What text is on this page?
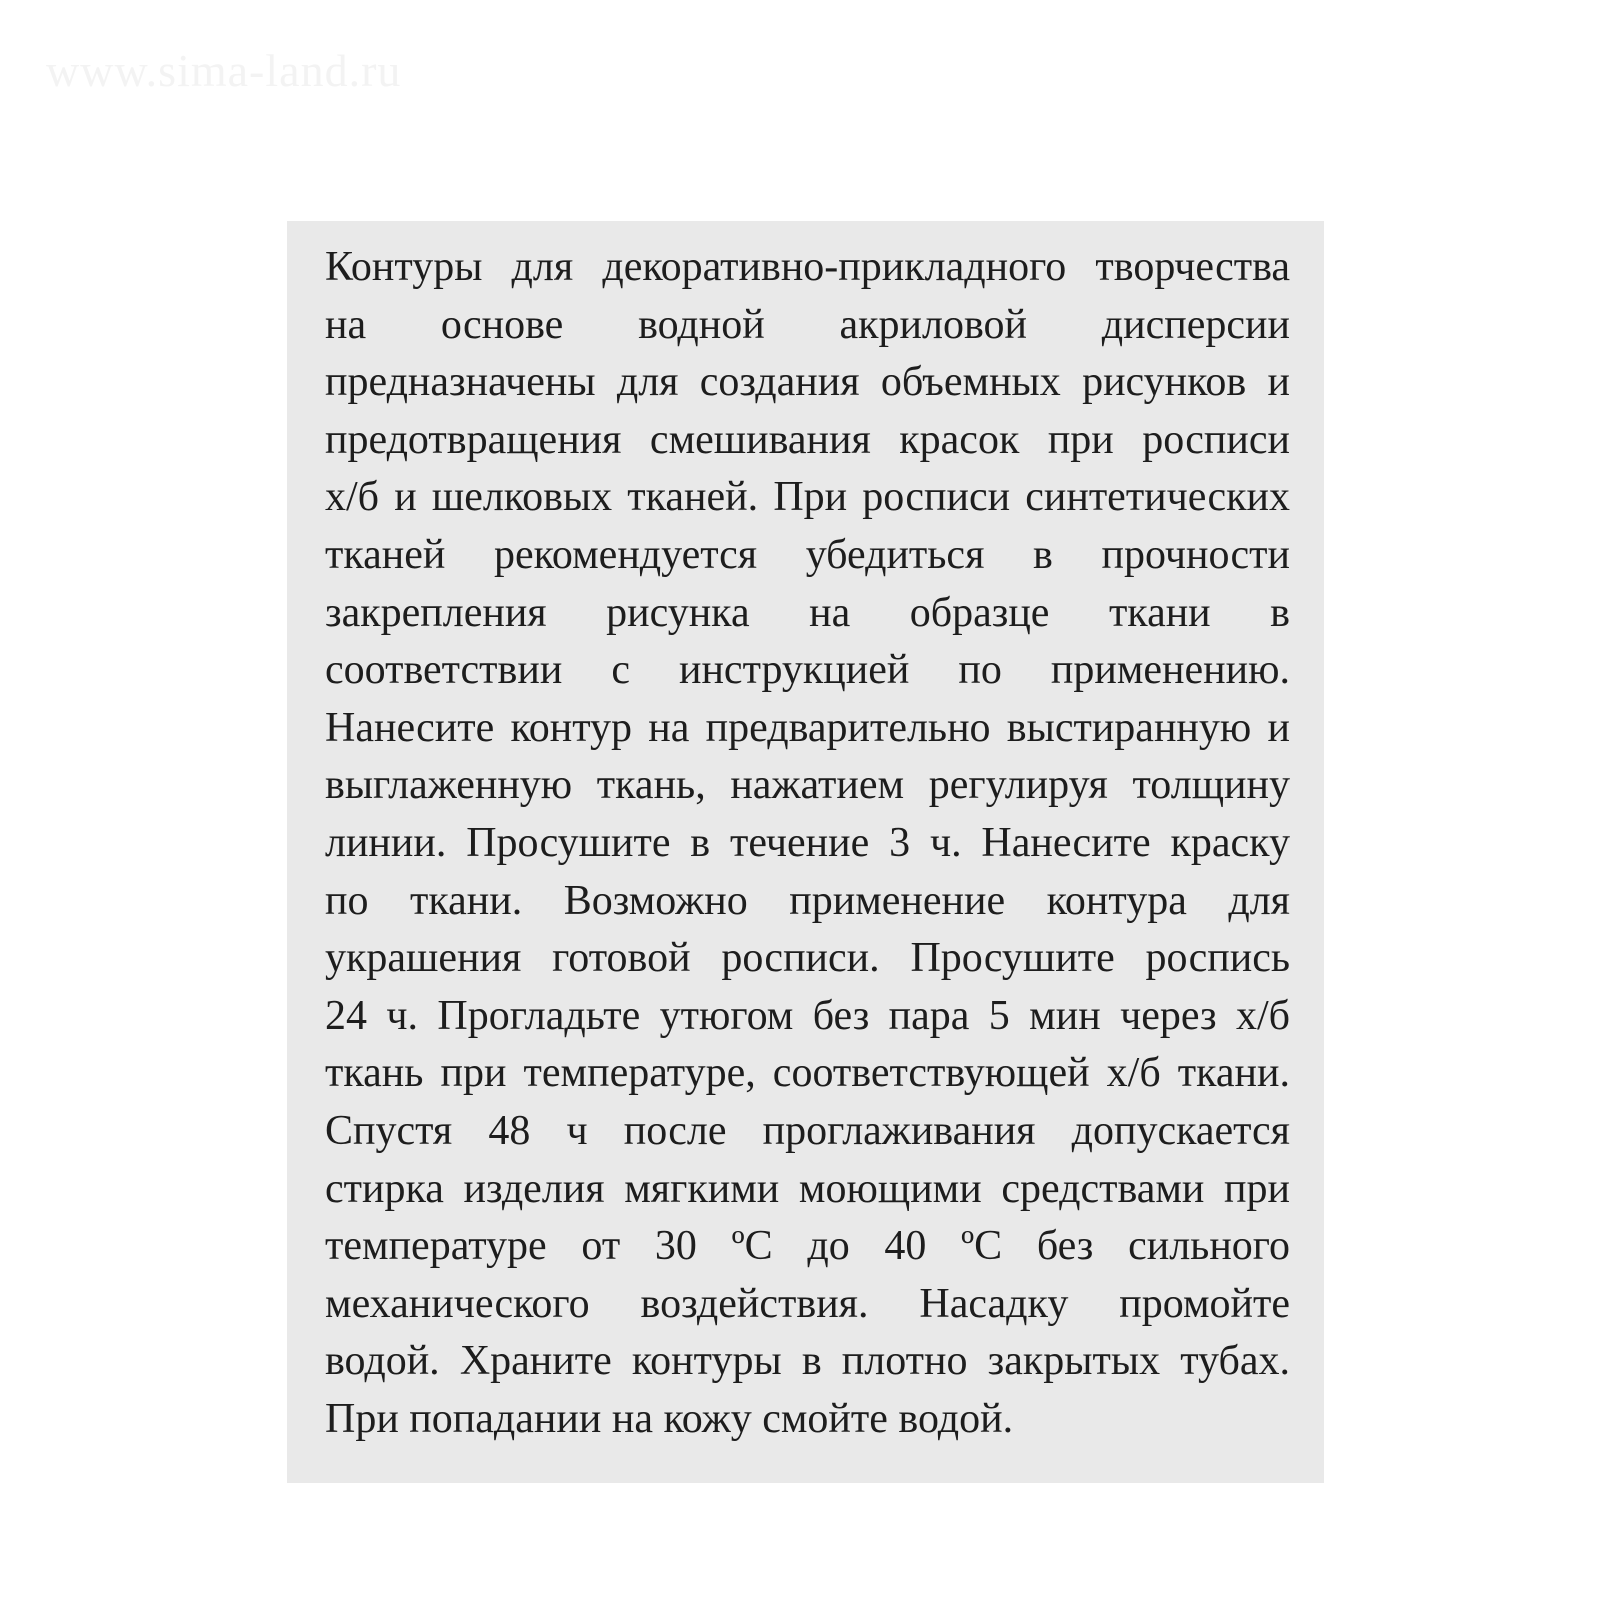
www.sima-land.ru
Контуры для декоративно-прикладного творчества
на основе водной акриловой дисперсии
предназначены для создания объемных рисунков и
предотвращения смешивания красок при росписи
х/б и шелковых тканей. При росписи синтетических
тканей рекомендуется убедиться в прочности
закрепления рисунка на образце ткани в
соответствии с инструкцией по применению.
Нанесите контур на предварительно выстиранную и
выглаженную ткань, нажатием регулируя толщину
линии. Просушите в течение 3 ч. Нанесите краску
по ткани. Возможно применение контура для
украшения готовой росписи. Просушите роспись
24 ч. Прогладьте утюгом без пара 5 мин через х/б
ткань при температуре, соответствующей х/б ткани.
Спустя 48 ч после проглаживания допускается
стирка изделия мягкими моющими средствами при
температуре от 30 ºС до 40 ºС без сильного
механического воздействия. Насадку промойте
водой. Храните контуры в плотно закрытых тубах.
При попадании на кожу смойте водой.
